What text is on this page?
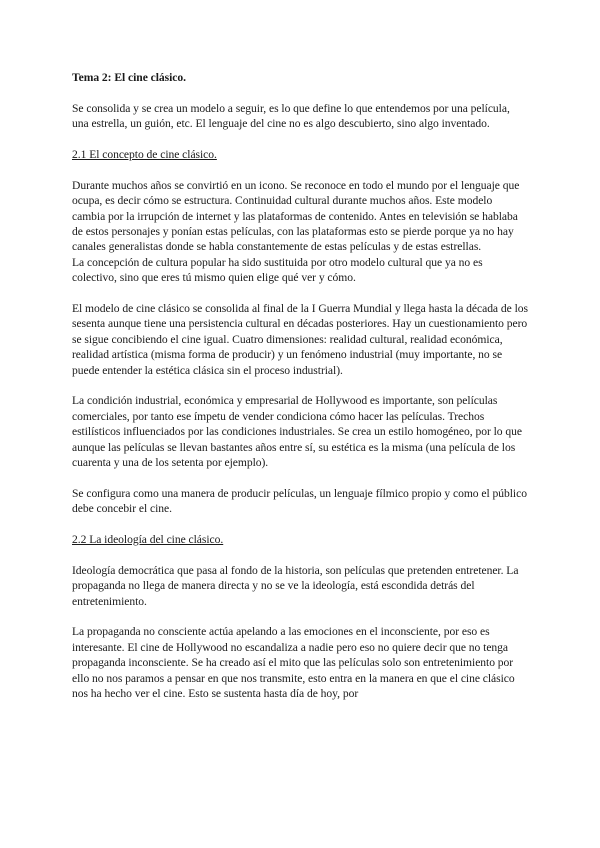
Tema 2: El cine clásico.

Se consolida y se crea un modelo a seguir, es lo que define lo que entendemos por una película, una estrella, un guión, etc. El lenguaje del cine no es algo descubierto, sino algo inventado.

2.1 El concepto de cine clásico.

Durante muchos años se convirtió en un icono. Se reconoce en todo el mundo por el lenguaje que ocupa, es decir cómo se estructura. Continuidad cultural durante muchos años. Este modelo cambia por la irrupción de internet y las plataformas de contenido. Antes en televisión se hablaba de estos personajes y ponían estas películas, con las plataformas esto se pierde porque ya no hay canales generalistas donde se habla constantemente de estas películas y de estas estrellas.

La concepción de cultura popular ha sido sustituida por otro modelo cultural que ya no es colectivo, sino que eres tú mismo quien elige qué ver y cómo.

El modelo de cine clásico se consolida al final de la I Guerra Mundial y llega hasta la década de los sesenta aunque tiene una persistencia cultural en décadas posteriores. Hay un cuestionamiento pero se sigue concibiendo el cine igual. Cuatro dimensiones: realidad cultural, realidad económica, realidad artística (misma forma de producir) y un fenómeno industrial (muy importante, no se puede entender la estética clásica sin el proceso industrial).

La condición industrial, económica y empresarial de Hollywood es importante, son películas comerciales, por tanto ese ímpetu de vender condiciona cómo hacer las películas. Trechos estilísticos influenciados por las condiciones industriales. Se crea un estilo homogéneo, por lo que aunque las películas se llevan bastantes años entre sí, su estética es la misma (una película de los cuarenta y una de los setenta por ejemplo).

Se configura como una manera de producir películas, un lenguaje fílmico propio y como el público debe concebir el cine.

2.2 La ideología del cine clásico.

Ideología democrática que pasa al fondo de la historia, son películas que pretenden entretener. La propaganda no llega de manera directa y no se ve la ideología, está escondida detrás del entretenimiento.

La propaganda no consciente actúa apelando a las emociones en el inconsciente, por eso es interesante. El cine de Hollywood no escandaliza a nadie pero eso no quiere decir que no tenga propaganda inconsciente. Se ha creado así el mito que las películas solo son entretenimiento por ello no nos paramos a pensar en que nos transmite, esto entra en la manera en que el cine clásico nos ha hecho ver el cine. Esto se sustenta hasta día de hoy, por
